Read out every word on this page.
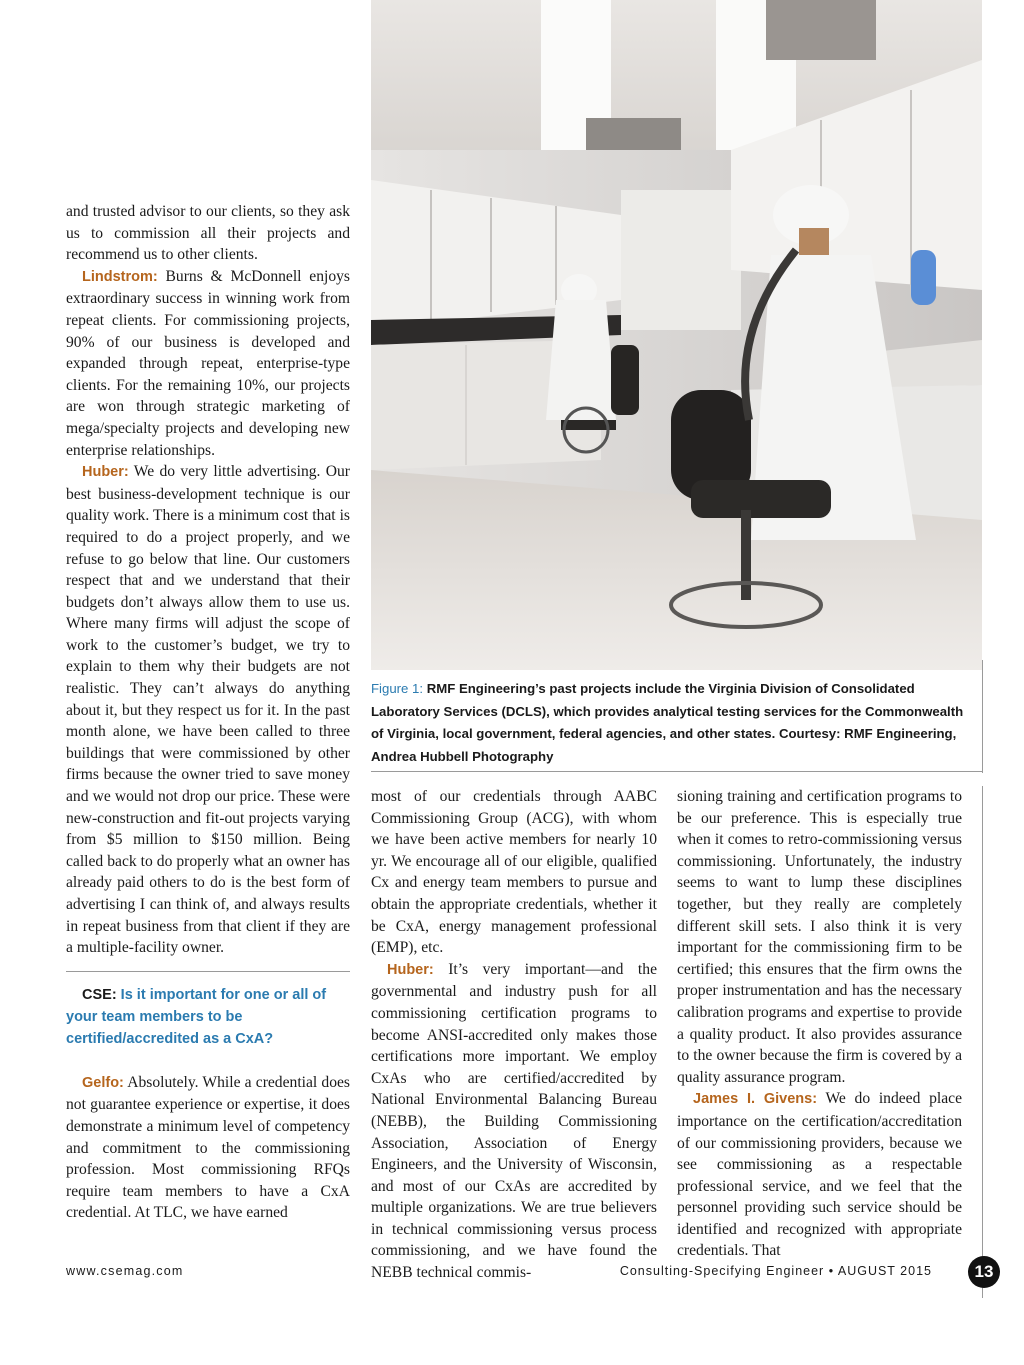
and trusted advisor to our clients, so they ask us to commission all their projects and recommend us to other clients.

Lindstrom: Burns & McDonnell enjoys extraordinary success in winning work from repeat clients. For commissioning projects, 90% of our business is developed and expanded through repeat, enterprise-type clients. For the remaining 10%, our projects are won through strategic marketing of mega/specialty projects and developing new enterprise relationships.

Huber: We do very little advertising. Our best business-development technique is our quality work. There is a minimum cost that is required to do a project properly, and we refuse to go below that line. Our customers respect that and we understand that their budgets don’t always allow them to use us. Where many firms will adjust the scope of work to the customer’s budget, we try to explain to them why their budgets are not realistic. They can’t always do anything about it, but they respect us for it. In the past month alone, we have been called to three buildings that were commissioned by other firms because the owner tried to save money and we would not drop our price. These were new-construction and fit-out projects varying from $5 million to $150 million. Being called back to do properly what an owner has already paid others to do is the best form of advertising I can think of, and always results in repeat business from that client if they are a multiple-facility owner.

CSE: Is it important for one or all of your team members to be certified/accredited as a CxA?

Gelfo: Absolutely. While a credential does not guarantee experience or expertise, it does demonstrate a minimum level of competency and commitment to the commissioning profession. Most commissioning RFQs require team members to have a CxA credential. At TLC, we have earned

Figure 1: RMF Engineering’s past projects include the Virginia Division of Consolidated Laboratory Services (DCLS), which provides analytical testing services for the Commonwealth of Virginia, local government, federal agencies, and other states. Courtesy: RMF Engineering, Andrea Hubbell Photography

most of our credentials through AABC Commissioning Group (ACG), with whom we have been active members for nearly 10 yr. We encourage all of our eligible, qualified Cx and energy team members to pursue and obtain the appropriate credentials, whether it be CxA, energy management professional (EMP), etc.

Huber: It’s very important—and the governmental and industry push for all commissioning certification programs to become ANSI-accredited only makes those certifications more important. We employ CxAs who are certified/accredited by National Environmental Balancing Bureau (NEBB), the Building Commissioning Association, Association of Energy Engineers, and the University of Wisconsin, and most of our CxAs are accredited by multiple organizations. We are true believers in technical commissioning versus process commissioning, and we have found the NEBB technical commis-

sioning training and certification programs to be our preference. This is especially true when it comes to retro-commissioning versus commissioning. Unfortunately, the industry seems to want to lump these disciplines together, but they really are completely different skill sets. I also think it is very important for the commissioning firm to be certified; this ensures that the firm owns the proper instrumentation and has the necessary calibration programs and expertise to provide a quality product. It also provides assurance to the owner because the firm is covered by a quality assurance program.

James I. Givens: We do indeed place importance on the certification/accreditation of our commissioning providers, because we see commissioning as a respectable professional service, and we feel that the personnel providing such service should be identified and recognized with appropriate credentials. That

www.csemag.com	Consulting-Specifying Engineer • AUGUST 2015	13
